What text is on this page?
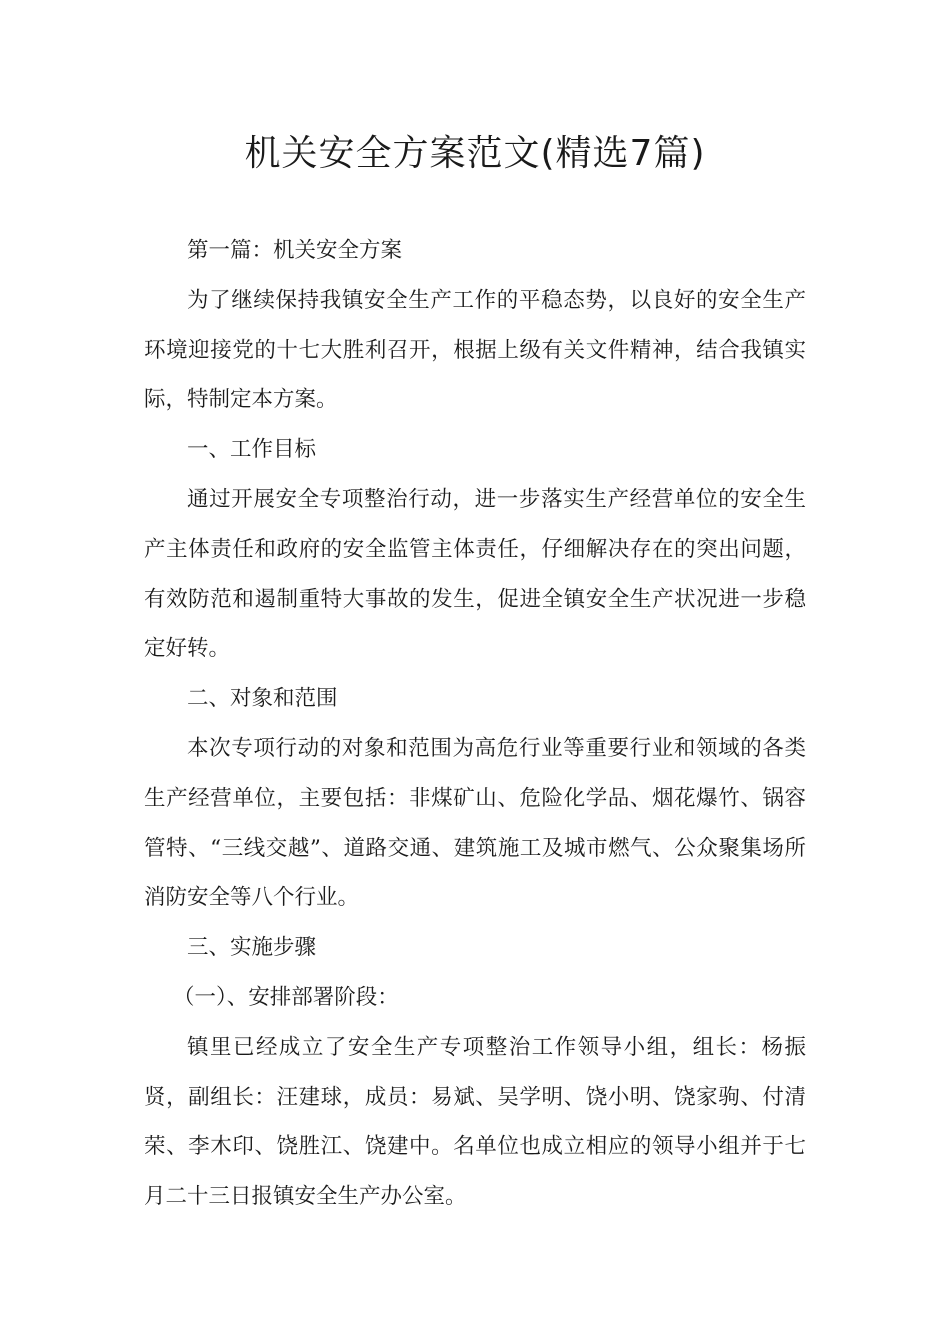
机关安全方案范文(精选7篇)

第一篇：机关安全方案

为了继续保持我镇安全生产工作的平稳态势，以良好的安全生产环境迎接党的十七大胜利召开，根据上级有关文件精神，结合我镇实际，特制定本方案。

一、工作目标

通过开展安全专项整治行动，进一步落实生产经营单位的安全生产主体责任和政府的安全监管主体责任，仔细解决存在的突出问题，有效防范和遏制重特大事故的发生，促进全镇安全生产状况进一步稳定好转。

二、对象和范围

本次专项行动的对象和范围为高危行业等重要行业和领域的各类生产经营单位，主要包括：非煤矿山、危险化学品、烟花爆竹、锅容管特、“三线交越”、道路交通、建筑施工及城市燃气、公众聚集场所消防安全等八个行业。

三、实施步骤

（一）、安排部署阶段：

镇里已经成立了安全生产专项整治工作领导小组，组长：杨振贤，副组长：汪建球，成员：易斌、吴学明、饶小明、饶家驹、付清荣、李木印、饶胜江、饶建中。名单位也成立相应的领导小组并于七月二十三日报镇安全生产办公室。
